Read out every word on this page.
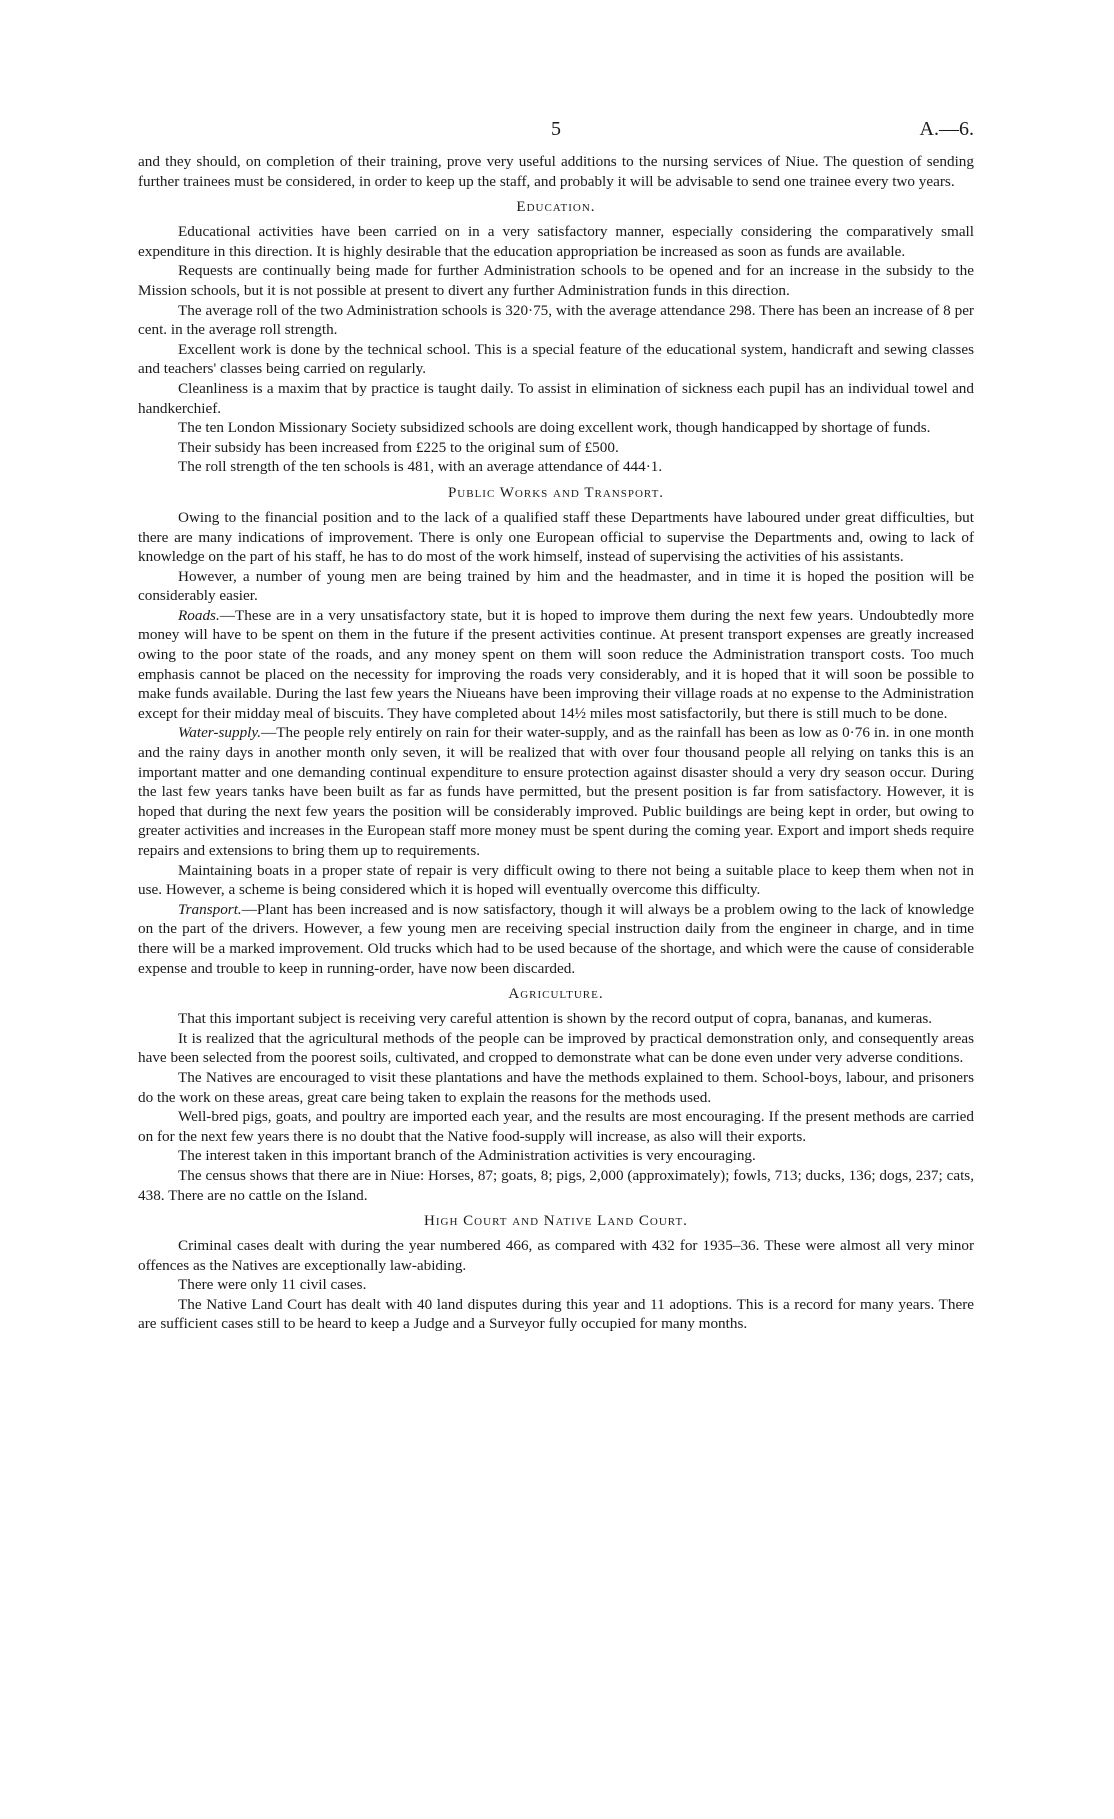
5	A.—6.

and they should, on completion of their training, prove very useful additions to the nursing services of Niue. The question of sending further trainees must be considered, in order to keep up the staff, and probably it will be advisable to send one trainee every two years.

Education.

Educational activities have been carried on in a very satisfactory manner, especially considering the comparatively small expenditure in this direction. It is highly desirable that the education appropriation be increased as soon as funds are available.

Requests are continually being made for further Administration schools to be opened and for an increase in the subsidy to the Mission schools, but it is not possible at present to divert any further Administration funds in this direction.

The average roll of the two Administration schools is 320·75, with the average attendance 298. There has been an increase of 8 per cent. in the average roll strength.

Excellent work is done by the technical school. This is a special feature of the educational system, handicraft and sewing classes and teachers' classes being carried on regularly.

Cleanliness is a maxim that by practice is taught daily. To assist in elimination of sickness each pupil has an individual towel and handkerchief.

The ten London Missionary Society subsidized schools are doing excellent work, though handicapped by shortage of funds.

Their subsidy has been increased from £225 to the original sum of £500.

The roll strength of the ten schools is 481, with an average attendance of 444·1.

Public Works and Transport.

Owing to the financial position and to the lack of a qualified staff these Departments have laboured under great difficulties, but there are many indications of improvement. There is only one European official to supervise the Departments and, owing to lack of knowledge on the part of his staff, he has to do most of the work himself, instead of supervising the activities of his assistants.

However, a number of young men are being trained by him and the headmaster, and in time it is hoped the position will be considerably easier.

Roads.—These are in a very unsatisfactory state, but it is hoped to improve them during the next few years. Undoubtedly more money will have to be spent on them in the future if the present activities continue. At present transport expenses are greatly increased owing to the poor state of the roads, and any money spent on them will soon reduce the Administration transport costs. Too much emphasis cannot be placed on the necessity for improving the roads very considerably, and it is hoped that it will soon be possible to make funds available. During the last few years the Niueans have been improving their village roads at no expense to the Administration except for their midday meal of biscuits. They have completed about 14½ miles most satisfactorily, but there is still much to be done.

Water-supply.—The people rely entirely on rain for their water-supply, and as the rainfall has been as low as 0·76 in. in one month and the rainy days in another month only seven, it will be realized that with over four thousand people all relying on tanks this is an important matter and one demanding continual expenditure to ensure protection against disaster should a very dry season occur. During the last few years tanks have been built as far as funds have permitted, but the present position is far from satisfactory. However, it is hoped that during the next few years the position will be considerably improved. Public buildings are being kept in order, but owing to greater activities and increases in the European staff more money must be spent during the coming year. Export and import sheds require repairs and extensions to bring them up to requirements.

Maintaining boats in a proper state of repair is very difficult owing to there not being a suitable place to keep them when not in use. However, a scheme is being considered which it is hoped will eventually overcome this difficulty.

Transport.—Plant has been increased and is now satisfactory, though it will always be a problem owing to the lack of knowledge on the part of the drivers. However, a few young men are receiving special instruction daily from the engineer in charge, and in time there will be a marked improvement. Old trucks which had to be used because of the shortage, and which were the cause of considerable expense and trouble to keep in running-order, have now been discarded.

Agriculture.

That this important subject is receiving very careful attention is shown by the record output of copra, bananas, and kumeras.

It is realized that the agricultural methods of the people can be improved by practical demonstration only, and consequently areas have been selected from the poorest soils, cultivated, and cropped to demonstrate what can be done even under very adverse conditions.

The Natives are encouraged to visit these plantations and have the methods explained to them. School-boys, labour, and prisoners do the work on these areas, great care being taken to explain the reasons for the methods used.

Well-bred pigs, goats, and poultry are imported each year, and the results are most encouraging. If the present methods are carried on for the next few years there is no doubt that the Native food-supply will increase, as also will their exports.

The interest taken in this important branch of the Administration activities is very encouraging.

The census shows that there are in Niue: Horses, 87; goats, 8; pigs, 2,000 (approximately); fowls, 713; ducks, 136; dogs, 237; cats, 438. There are no cattle on the Island.

High Court and Native Land Court.

Criminal cases dealt with during the year numbered 466, as compared with 432 for 1935–36. These were almost all very minor offences as the Natives are exceptionally law-abiding.

There were only 11 civil cases.

The Native Land Court has dealt with 40 land disputes during this year and 11 adoptions. This is a record for many years. There are sufficient cases still to be heard to keep a Judge and a Surveyor fully occupied for many months.
